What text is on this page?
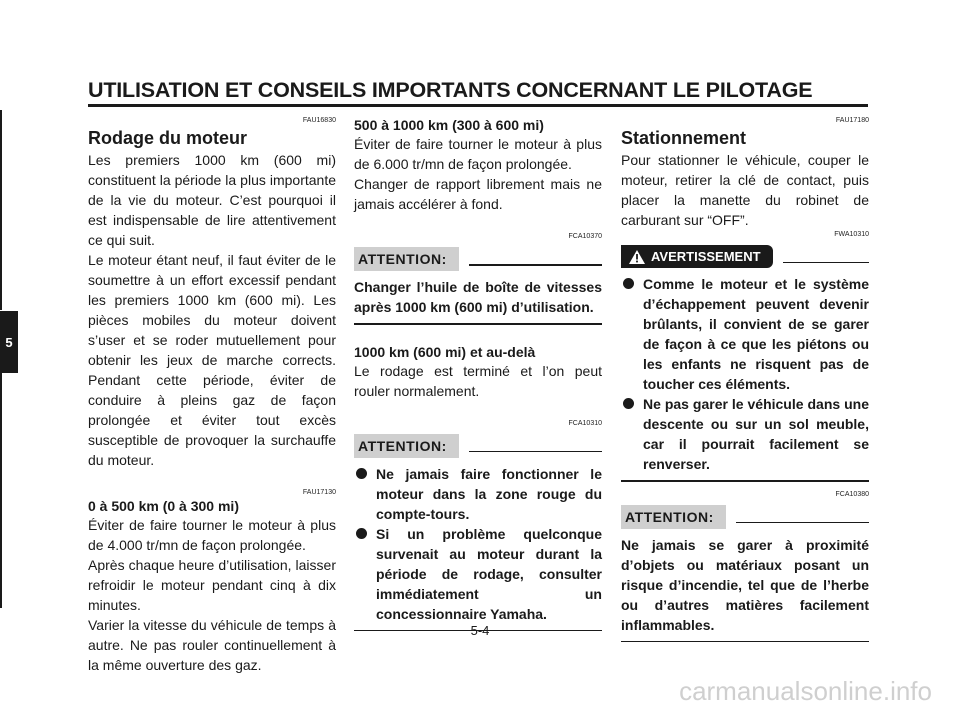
UTILISATION ET CONSEILS IMPORTANTS CONCERNANT LE PILOTAGE
5
FAU16830
Rodage du moteur

Les premiers 1000 km (600 mi) constituent la période la plus importante de la vie du moteur. C’est pourquoi il est indispensable de lire attentivement ce qui suit.

Le moteur étant neuf, il faut éviter de le soumettre à un effort excessif pendant les premiers 1000 km (600 mi). Les pièces mobiles du moteur doivent s’user et se roder mutuellement pour obtenir les jeux de marche corrects. Pendant cette période, éviter de conduire à pleins gaz de façon prolongée et éviter tout excès susceptible de provoquer la surchauffe du moteur.

FAU17130
0 à 500 km (0 à 300 mi)

Éviter de faire tourner le moteur à plus de 4.000 tr/mn de façon prolongée.

Après chaque heure d’utilisation, laisser refroidir le moteur pendant cinq à dix minutes.

Varier la vitesse du véhicule de temps à autre. Ne pas rouler continuellement à la même ouverture des gaz.

500 à 1000 km (300 à 600 mi)

Éviter de faire tourner le moteur à plus de 6.000 tr/mn de façon prolongée.

Changer de rapport librement mais ne jamais accélérer à fond.

FCA10370
ATTENTION:

Changer l’huile de boîte de vitesses après 1000 km (600 mi) d’utilisation.

1000 km (600 mi) et au-delà

Le rodage est terminé et l’on peut rouler normalement.

FCA10310
ATTENTION:
Ne jamais faire fonctionner le moteur dans la zone rouge du compte-tours.
Si un problème quelconque survenait au moteur durant la période de rodage, consulter immédiatement un concessionnaire Yamaha.
FAU17180
Stationnement

Pour stationner le véhicule, couper le moteur, retirer la clé de contact, puis placer la manette du robinet de carburant sur “OFF”.

FWA10310
AVERTISSEMENT
Comme le moteur et le système d’échappement peuvent devenir brûlants, il convient de se garer de façon à ce que les piétons ou les enfants ne risquent pas de toucher ces éléments.
Ne pas garer le véhicule dans une descente ou sur un sol meuble, car il pourrait facilement se renverser.
FCA10380
ATTENTION:

Ne jamais se garer à proximité d’objets ou matériaux posant un risque d’incendie, tel que de l’herbe ou d’autres matières facilement inflammables.

5-4
carmanualsonline.info
